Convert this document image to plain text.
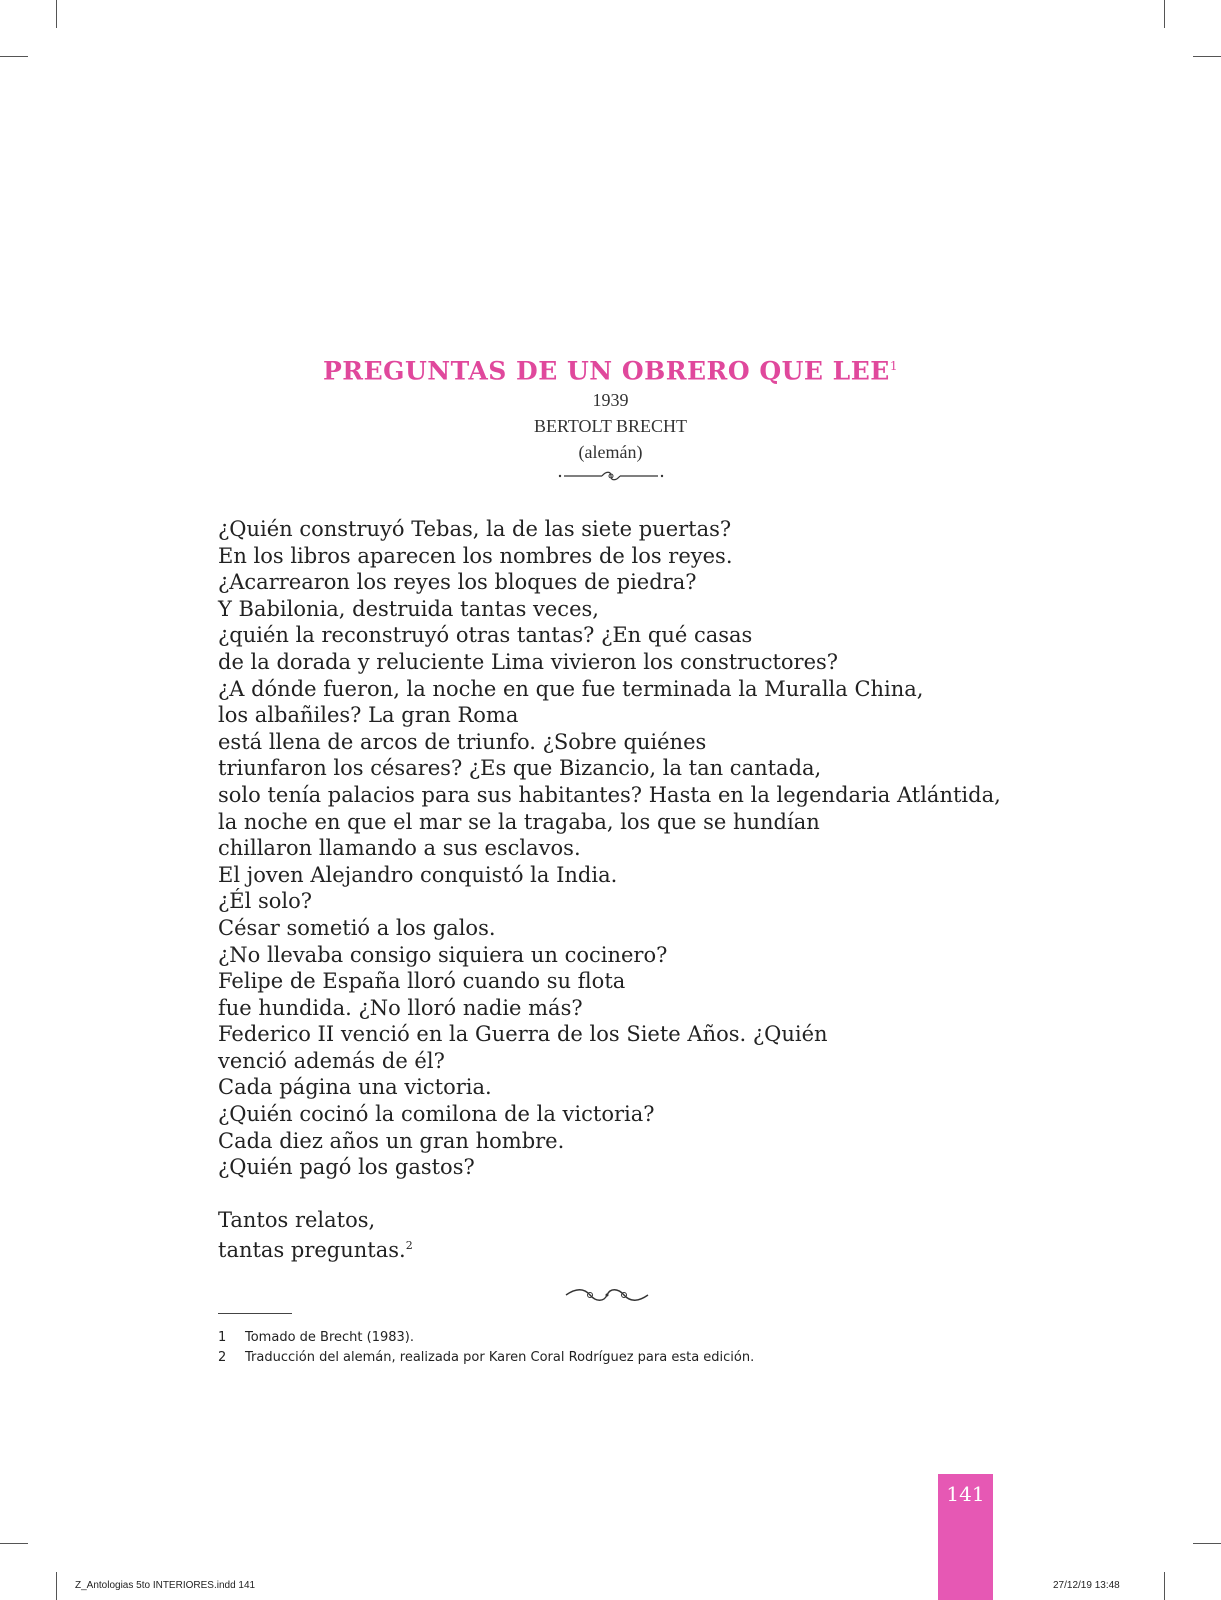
PREGUNTAS DE UN OBRERO QUE LEE$^1$
1939
BERTOLT BRECHT
(alemán)
¿Quién construyó Tebas, la de las siete puertas?
En los libros aparecen los nombres de los reyes.
¿Acarrearon los reyes los bloques de piedra?
Y Babilonia, destruida tantas veces,
¿quién la reconstruyó otras tantas? ¿En qué casas
de la dorada y reluciente Lima vivieron los constructores?
¿A dónde fueron, la noche en que fue terminada la Muralla China,
los albañiles? La gran Roma
está llena de arcos de triunfo. ¿Sobre quiénes
triunfaron los césares? ¿Es que Bizancio, la tan cantada,
solo tenía palacios para sus habitantes? Hasta en la legendaria Atlántida,
la noche en que el mar se la tragaba, los que se hundían
chillaron llamando a sus esclavos.
El joven Alejandro conquistó la India.
¿Él solo?
César sometió a los galos.
¿No llevaba consigo siquiera un cocinero?
Felipe de España lloró cuando su flota
fue hundida. ¿No lloró nadie más?
Federico II venció en la Guerra de los Siete Años. ¿Quién
venció además de él?
Cada página una victoria.
¿Quién cocinó la comilona de la victoria?
Cada diez años un gran hombre.
¿Quién pagó los gastos?
Tantos relatos,
tantas preguntas.$^2$
1	Tomado de Brecht (1983).
2	Traducción del alemán, realizada por Karen Coral Rodríguez para esta edición.
141
Z_Antologias 5to INTERIORES.indd 141	27/12/19 13:48
